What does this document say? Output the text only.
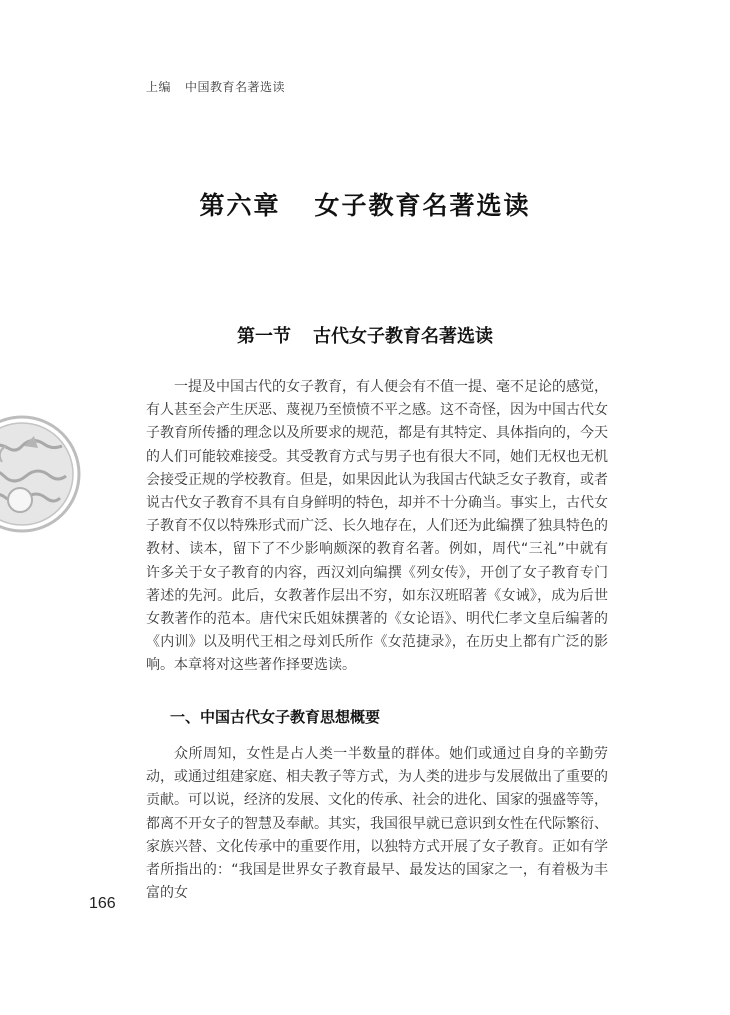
上编 中国教育名著选读
第六章 女子教育名著选读
第一节 古代女子教育名著选读

一提及中国古代的女子教育，有人便会有不值一提、毫不足论的感觉，有人甚至会产生厌恶、蔑视乃至愤愤不平之感。这不奇怪，因为中国古代女子教育所传播的理念以及所要求的规范，都是有其特定、具体指向的，今天的人们可能较难接受。其受教育方式与男子也有很大不同，她们无权也无机会接受正规的学校教育。但是，如果因此认为我国古代缺乏女子教育，或者说古代女子教育不具有自身鲜明的特色，却并不十分确当。事实上，古代女子教育不仅以特殊形式而广泛、长久地存在，人们还为此编撰了独具特色的教材、读本，留下了不少影响颇深的教育名著。例如，周代“三礼”中就有许多关于女子教育的内容，西汉刘向编撰《列女传》，开创了女子教育专门著述的先河。此后，女教著作层出不穷，如东汉班昭著《女诫》，成为后世女教著作的范本。唐代宋氏姐妹撰著的《女论语》、明代仁孝文皇后编著的《内训》以及明代王相之母刘氏所作《女范捷录》，在历史上都有广泛的影响。本章将对这些著作择要选读。

一、中国古代女子教育思想概要

众所周知，女性是占人类一半数量的群体。她们或通过自身的辛勤劳动，或通过组建家庭、相夫教子等方式，为人类的进步与发展做出了重要的贡献。可以说，经济的发展、文化的传承、社会的进化、国家的强盛等等，都离不开女子的智慧及奉献。其实，我国很早就已意识到女性在代际繁衍、家族兴替、文化传承中的重要作用，以独特方式开展了女子教育。正如有学者所指出的：“我国是世界女子教育最早、最发达的国家之一，有着极为丰富的女

166
